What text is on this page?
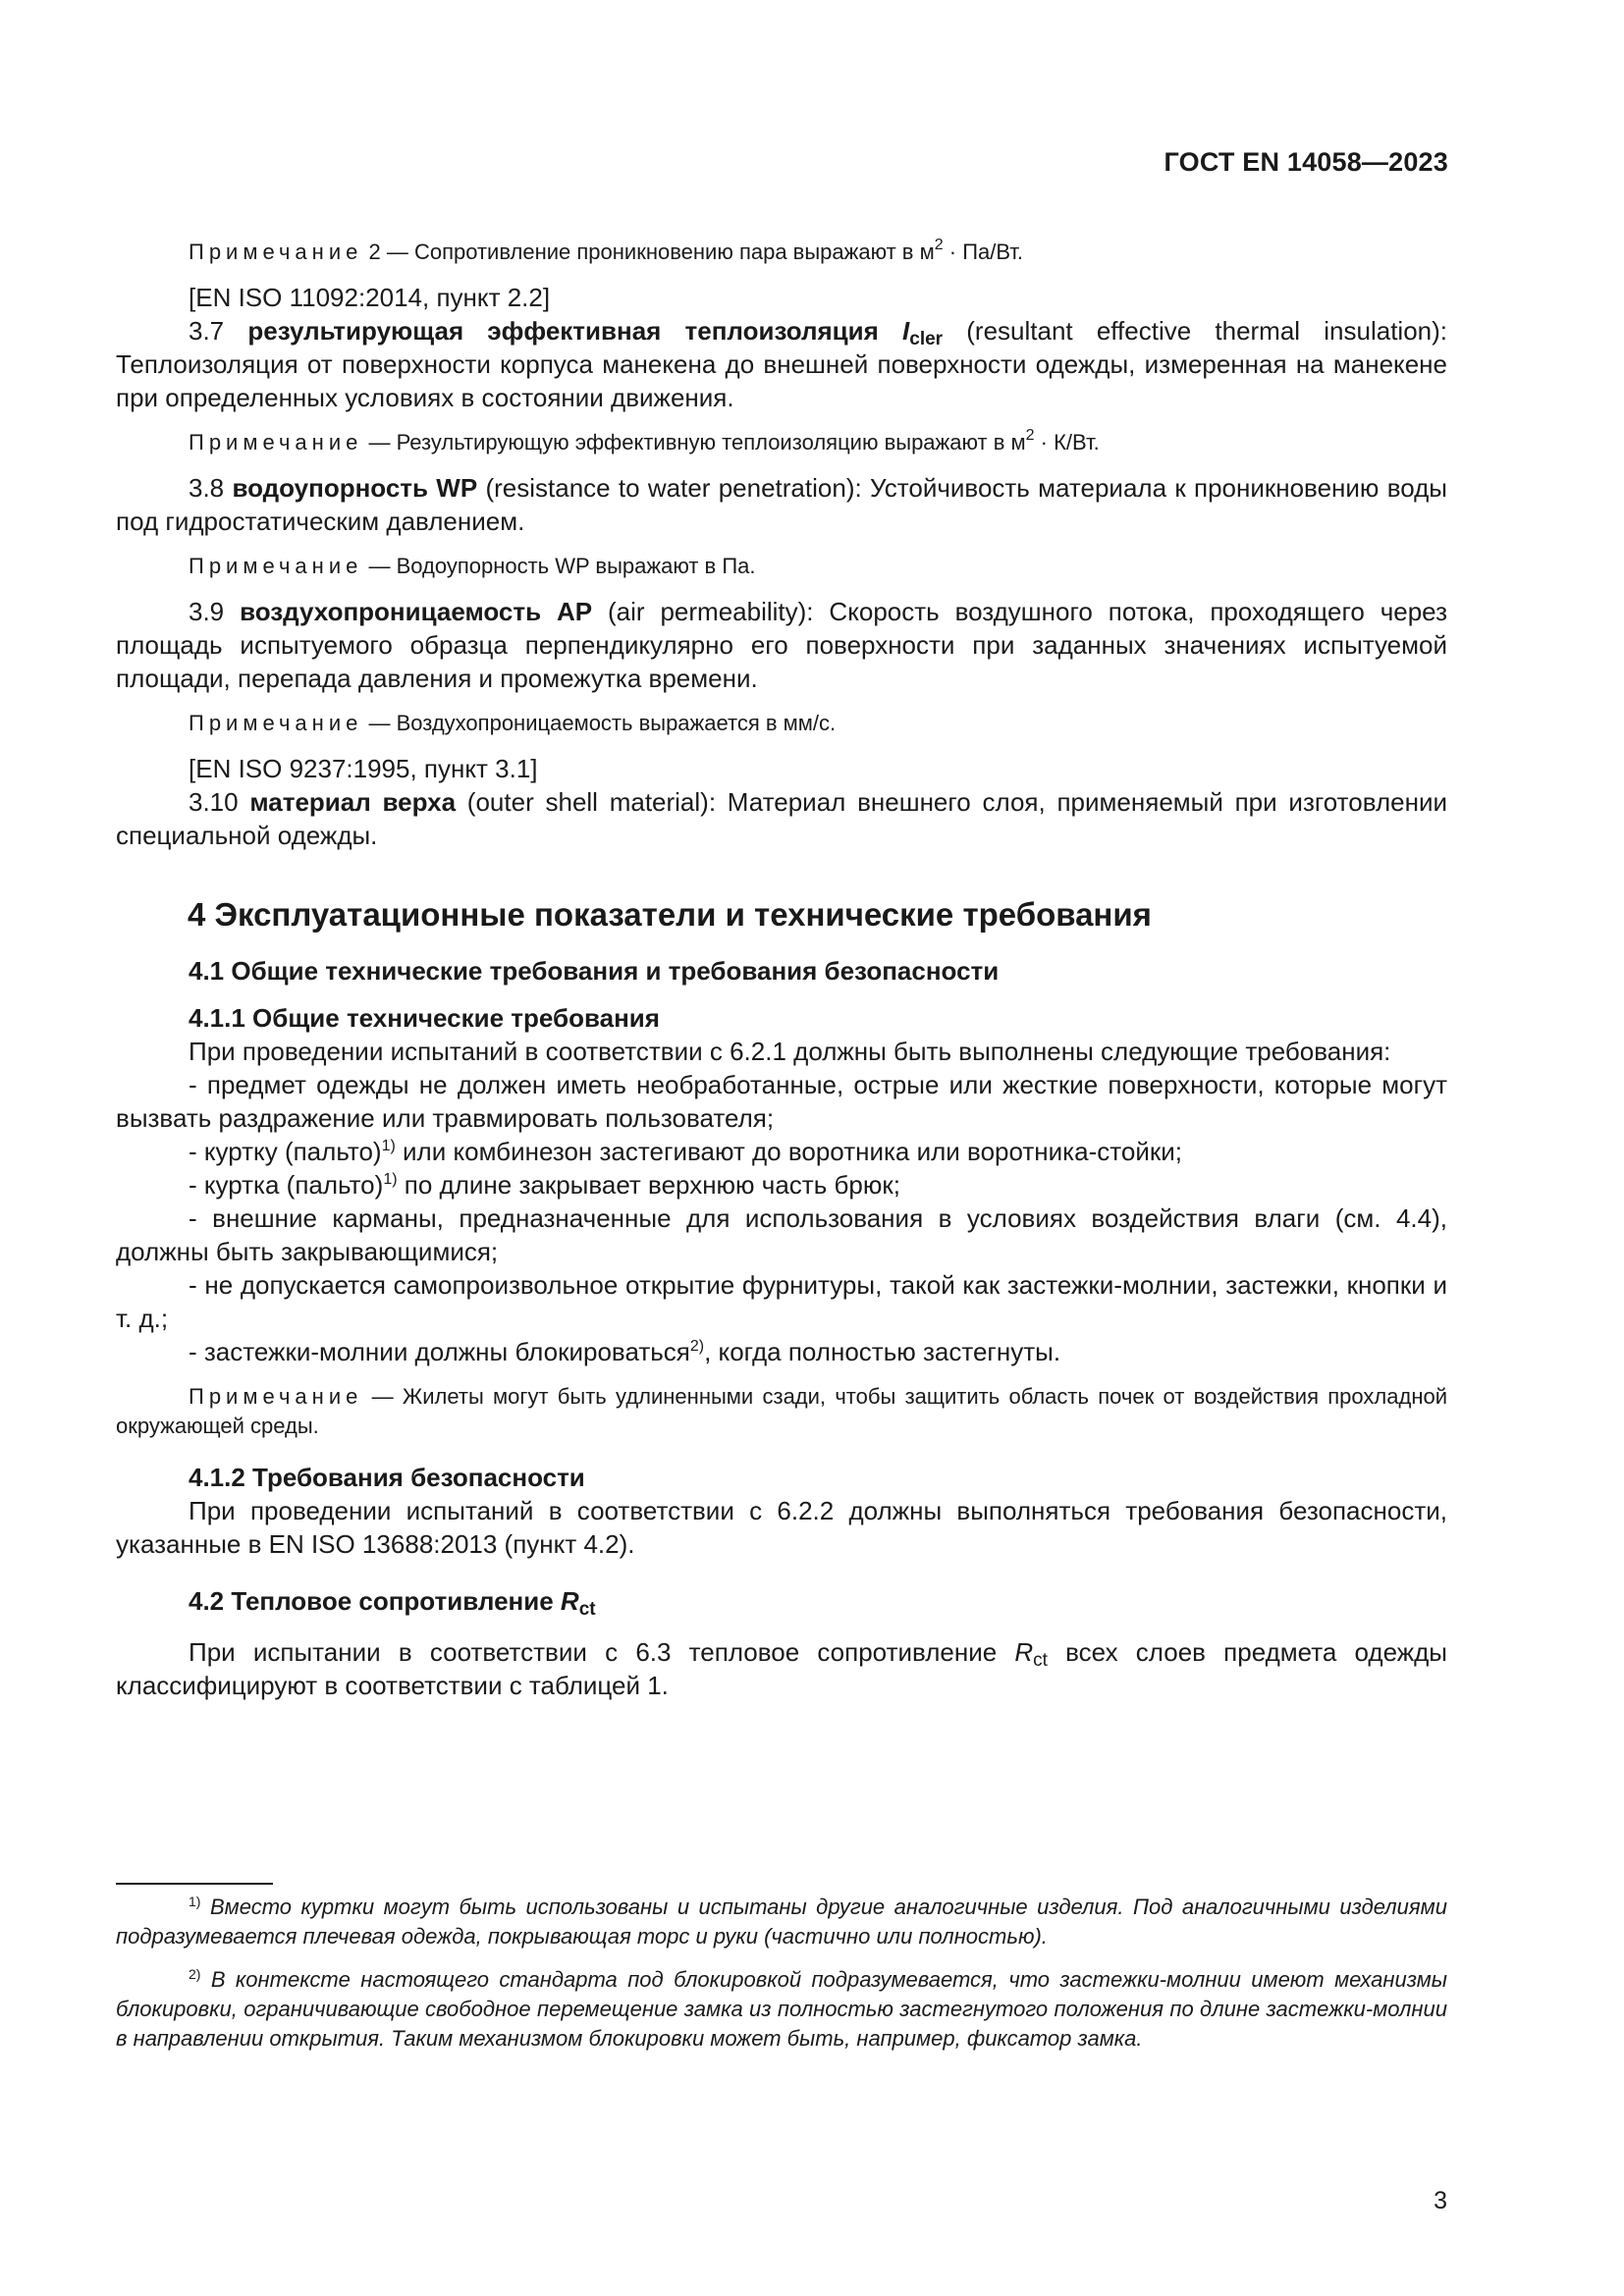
ГОСТ EN 14058—2023

Примечание 2 — Сопротивление проникновению пара выражают в $м^2 \cdot Па/Вт$.

[EN ISO 11092:2014, пункт 2.2]

3.7 результирующая эффективная теплоизоляция $I_{cler}$ (resultant effective thermal insulation): Теплоизоляция от поверхности корпуса манекена до внешней поверхности одежды, измеренная на манекене при определенных условиях в состоянии движения.

Примечание — Результирующую эффективную теплоизоляцию выражают в $м^2 \cdot К/Вт$.

3.8 водоупорность WP (resistance to water penetration): Устойчивость материала к проникновению воды под гидростатическим давлением.

Примечание — Водоупорность WP выражают в Па.

3.9 воздухопроницаемость AP (air permeability): Скорость воздушного потока, проходящего через площадь испытуемого образца перпендикулярно его поверхности при заданных значениях испытуемой площади, перепада давления и промежутка времени.

Примечание — Воздухопроницаемость выражается в мм/с.

[EN ISO 9237:1995, пункт 3.1]

3.10 материал верха (outer shell material): Материал внешнего слоя, применяемый при изготовлении специальной одежды.

4 Эксплуатационные показатели и технические требования

4.1 Общие технические требования и требования безопасности

4.1.1 Общие технические требования

При проведении испытаний в соответствии с 6.2.1 должны быть выполнены следующие требования:

- предмет одежды не должен иметь необработанные, острые или жесткие поверхности, которые могут вызвать раздражение или травмировать пользователя;

- куртку (пальто)$^{1)}$ или комбинезон застегивают до воротника или воротника-стойки;

- куртка (пальто)$^{1)}$ по длине закрывает верхнюю часть брюк;

- внешние карманы, предназначенные для использования в условиях воздействия влаги (см. 4.4), должны быть закрывающимися;

- не допускается самопроизвольное открытие фурнитуры, такой как застежки-молнии, застежки, кнопки и т. д.;

- застежки-молнии должны блокироваться$^{2)}$, когда полностью застегнуты.

Примечание — Жилеты могут быть удлиненными сзади, чтобы защитить область почек от воздействия прохладной окружающей среды.

4.1.2 Требования безопасности

При проведении испытаний в соответствии с 6.2.2 должны выполняться требования безопасности, указанные в EN ISO 13688:2013 (пункт 4.2).

4.2 Тепловое сопротивление $R_{ct}$

При испытании в соответствии с 6.3 тепловое сопротивление $R_{ct}$ всех слоев предмета одежды классифицируют в соответствии с таблицей 1.

$^{1)}$ Вместо куртки могут быть использованы и испытаны другие аналогичные изделия. Под аналогичными изделиями подразумевается плечевая одежда, покрывающая торс и руки (частично или полностью).

$^{2)}$ В контексте настоящего стандарта под блокировкой подразумевается, что застежки-молнии имеют механизмы блокировки, ограничивающие свободное перемещение замка из полностью застегнутого положения по длине застежки-молнии в направлении открытия. Таким механизмом блокировки может быть, например, фиксатор замка.

3
